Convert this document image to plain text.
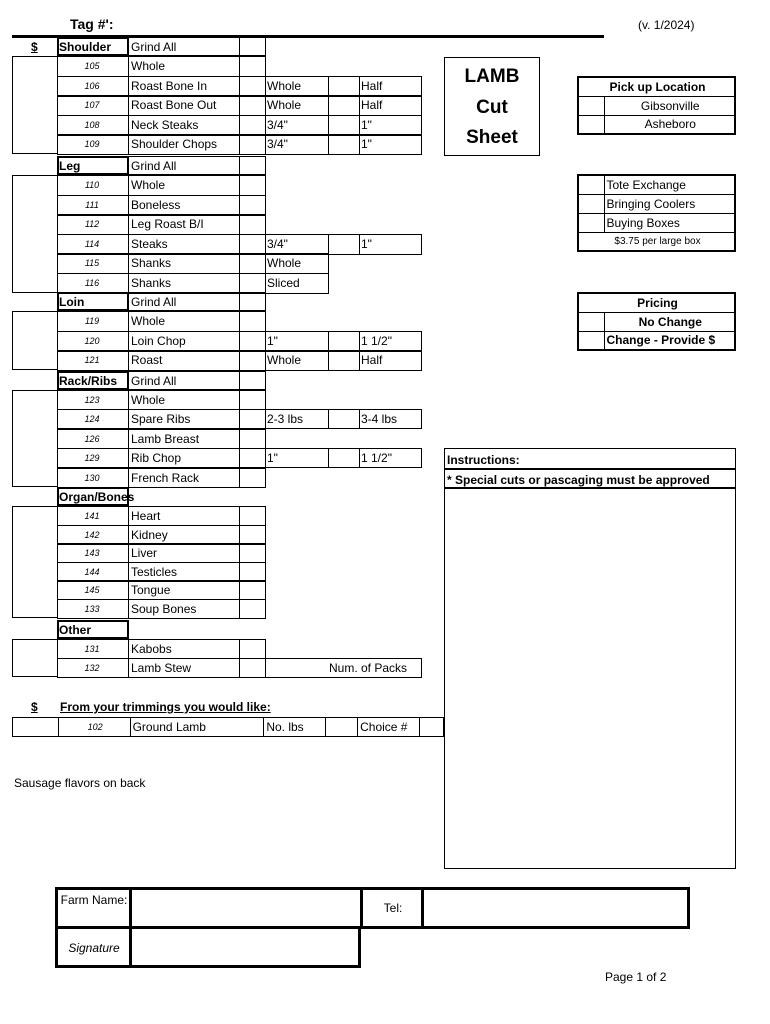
Tag #':	(v. 1/2024)
$ Shoulder Grind All
105	Whole
106	Roast Bone In	Whole	Half
107	Roast Bone Out	Whole	Half
108	Neck Steaks	3/4"	1"
109	Shoulder Chops	3/4"	1"
Leg	Grind All
110	Whole
111	Boneless
112	Leg Roast B/I
114	Steaks	3/4"	1"
115	Shanks	Whole
116	Shanks	Sliced
Loin	Grind All
119	Whole
120	Loin Chop	1"	1 1/2"
121	Roast	Whole	Half
Rack/Ribs Grind All
123	Whole
124	Spare Ribs	2-3 lbs	3-4 lbs
126	Lamb Breast
129	Rib Chop	1"	1 1/2"
130	French Rack
Organ/Bones
141	Heart
142	Kidney
143	Liver
144	Testicles
145	Tongue
133	Soup Bones
Other
131	Kabobs
132	Lamb Stew	Num. of Packs
LAMB
Cut
Sheet
Pick up Location	
	Gibsonville
	Asheboro
	Tote Exchange
	Bringing Coolers
	Buying Boxes
$3.75 per large box	
Pricing	
	No Change
	Change - Provide $
Instructions:
* Special cuts or pascaging must be approved
$ From your trimmings you would like:
	102	Ground Lamb	No. lbs		Choice #	
Sausage flavors on back
Farm Name:
Tel:
Signature
Page 1 of 2
